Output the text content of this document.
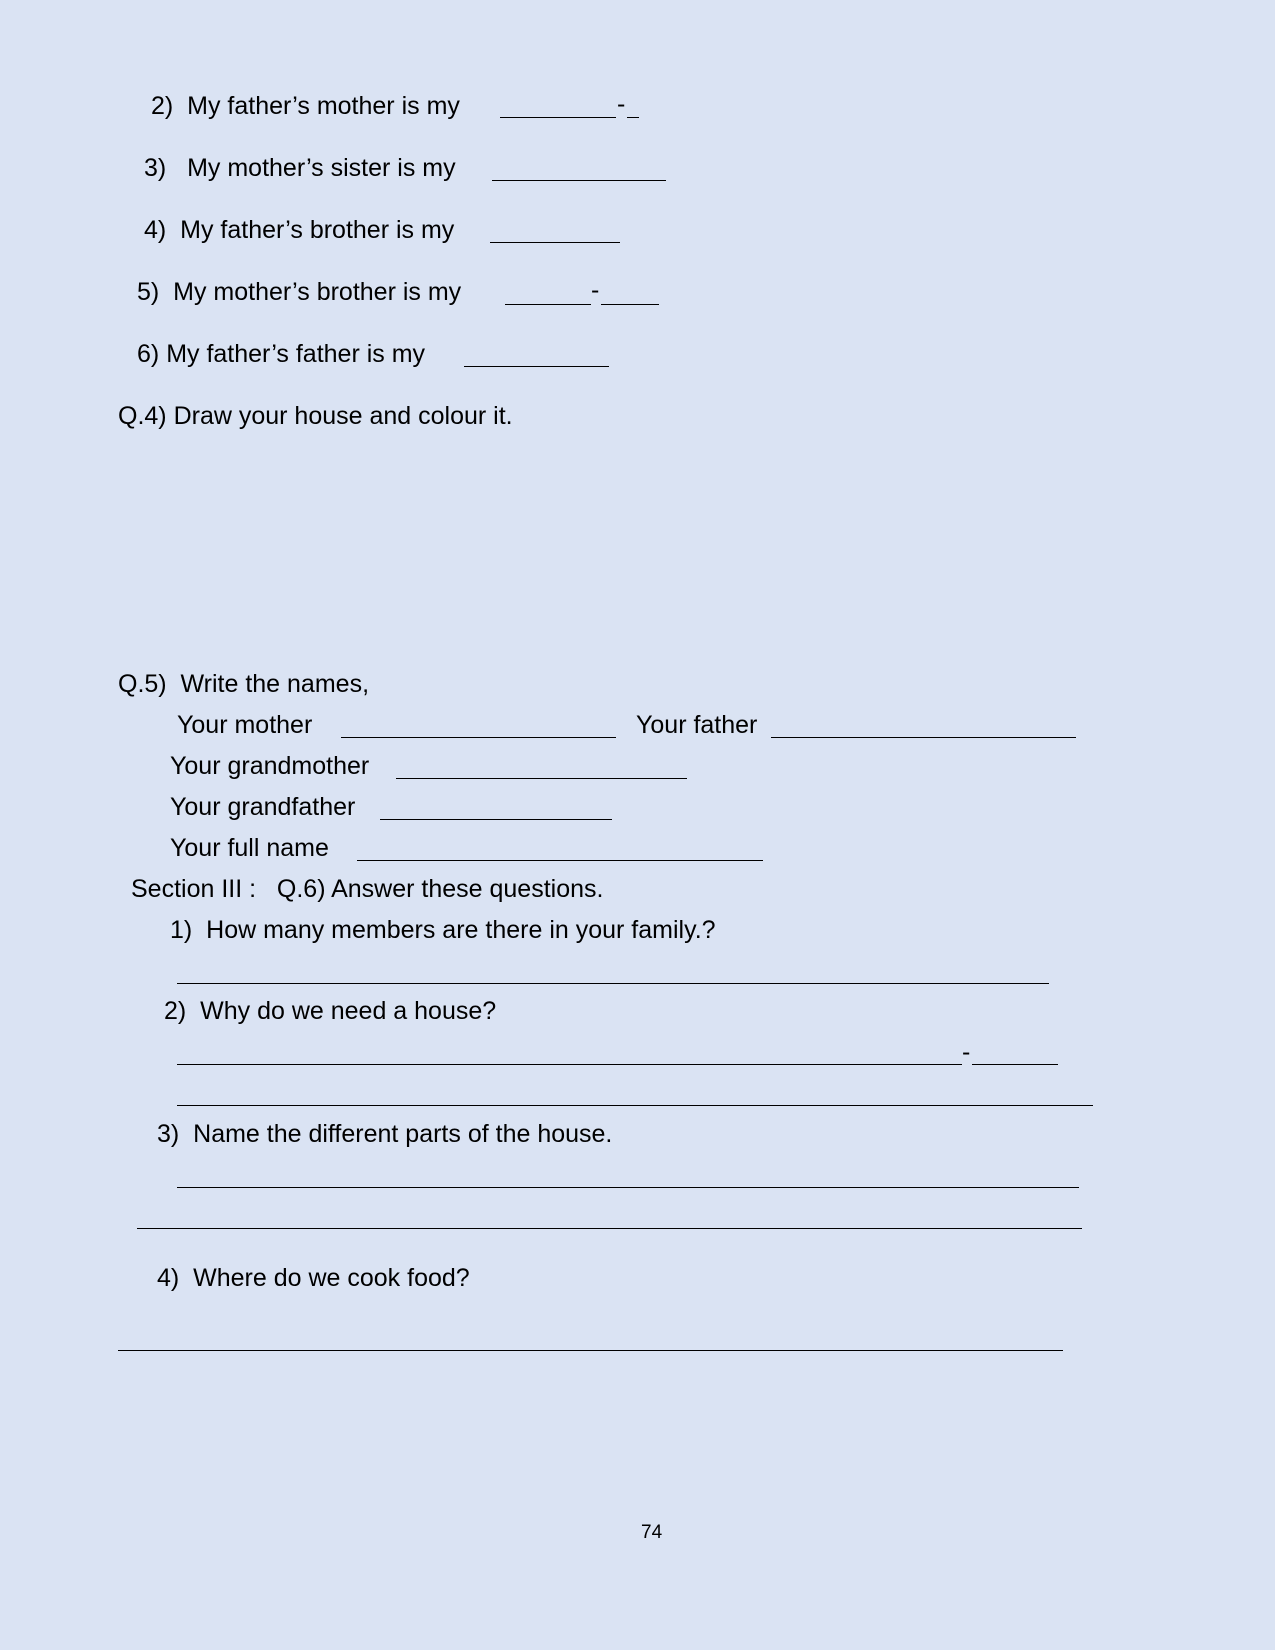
2) My father’s mother is my	-
3) My mother’s sister is my
4) My father’s brother is my
5) My mother’s brother is my	-
6) My father’s father is my
Q.4) Draw your house and colour it.
Q.5)  Write the names,
Your mother	Your father
Your grandmother
Your grandfather
Your full name
Section III :   Q.6) Answer these questions.
1) How many members are there in your family.?
2) Why do we need a house?
-
3) Name the different parts of the house.
4) Where do we cook food?
74
